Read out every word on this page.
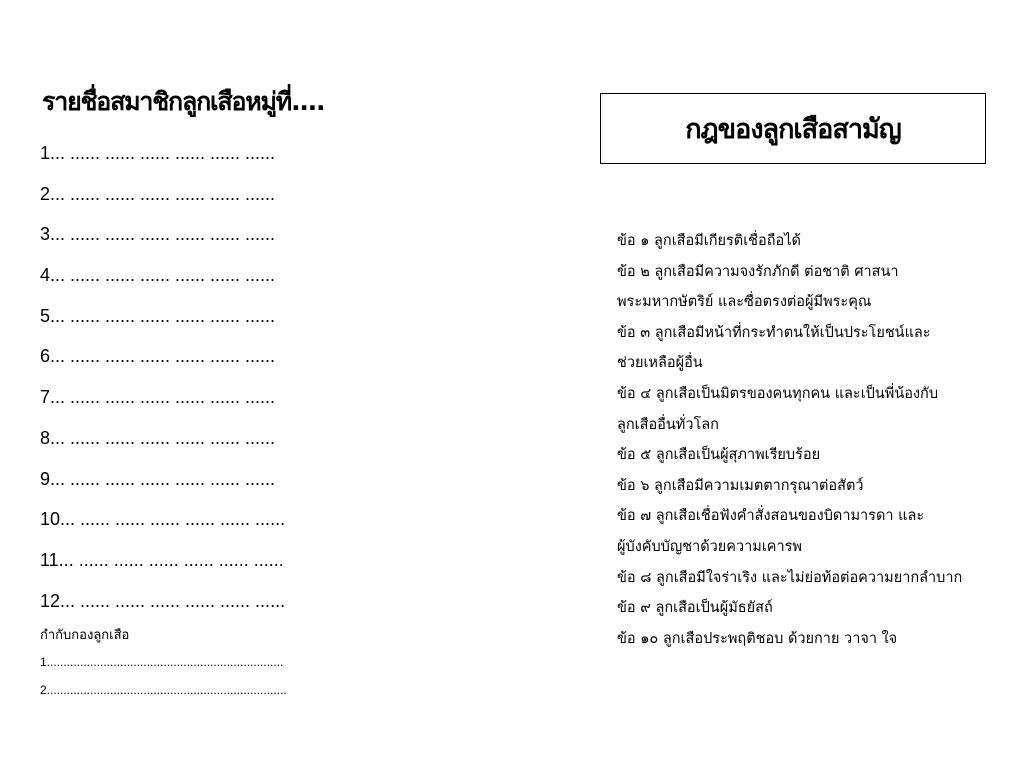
รายชื่อสมาชิกลูกเสือหมู่ที่....
1... ...... ...... ...... ...... ...... ......
2... ...... ...... ...... ...... ...... ......
3... ...... ...... ...... ...... ...... ......
4... ...... ...... ...... ...... ...... ......
5... ...... ...... ...... ...... ...... ......
6... ...... ...... ...... ...... ...... ......
7... ...... ...... ...... ...... ...... ......
8... ...... ...... ...... ...... ...... ......
9... ...... ...... ...... ...... ...... ......
10... ...... ...... ...... ...... ...... ......
11... ...... ...... ...... ...... ...... ......
12... ...... ...... ...... ...... ...... ......
กำกับกองลูกเสือ
1.......................................................................
2........................................................................
กฎของลูกเสือสามัญ
ข้อ ๑ ลูกเสือมีเกียรติเชื่อถือได้
ข้อ ๒ ลูกเสือมีความจงรักภักดี ต่อชาติ ศาสนา
พระมหากษัตริย์ และซื่อตรงต่อผู้มีพระคุณ
ข้อ ๓ ลูกเสือมีหน้าที่กระทำตนให้เป็นประโยชน์และ
ช่วยเหลือผู้อื่น
ข้อ ๔ ลูกเสือเป็นมิตรของคนทุกคน และเป็นพี่น้องกับ
ลูกเสืออื่นทั่วโลก
ข้อ ๕ ลูกเสือเป็นผู้สุภาพเรียบร้อย
ข้อ ๖ ลูกเสือมีความเมตตากรุณาต่อสัตว์
ข้อ ๗ ลูกเสือเชื่อฟังคำสั่งสอนของบิดามารดา และ
ผู้บังคับบัญชาด้วยความเคารพ
ข้อ ๘ ลูกเสือมีใจร่าเริง และไม่ย่อท้อต่อความยากลำบาก
ข้อ ๙ ลูกเสือเป็นผู้มัธยัสถ์
ข้อ ๑๐ ลูกเสือประพฤติชอบ ด้วยกาย วาจา ใจ
